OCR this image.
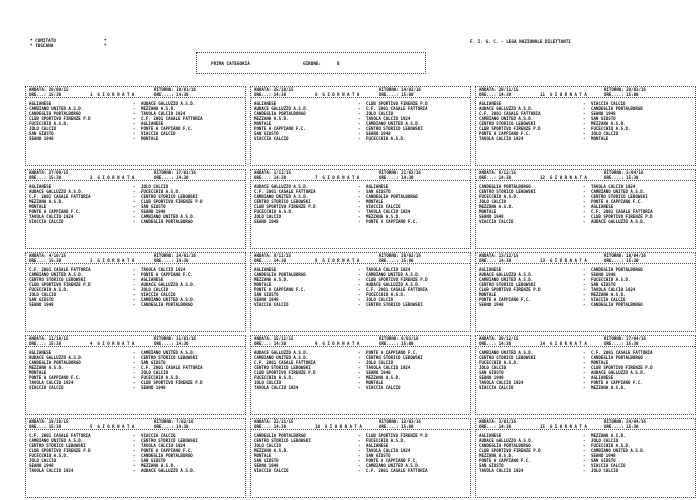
* COMITATO
* TOSCANA
*
*
F. I. G. C. - LEGA NAZIONALE DILETTANTI
PRIMA CATEGORIA	GIRONE:	B
ANDATA: 20/09/15	RITORNO: 10/01/16
ORE...: 15:30	1  G I O R N A T A	ORE....: 14:30
AGLIANESE	-	AUDACE GALLUZZO A.S.D.
CAMBIANO UNITED A.S.D.	-	MEZZANA A.S.D.
CANDEGLIA PORTALBORGO	-	TAVOLA CALCIO 1924
CLUB SPORTIVO FIRENZE P.D	-	C.F. 2001 CASALE FATTORIA
FUCECCHIO A.S.D.	-	AGLIANESE
JOLO CALCIO	-	PONTE A CAPPIANO F.C.
SAN GIUSTO	-	VIACCIA CALCIO
SEANO 1948	-	MONTALE
ANDATA: 25/10/15	RITORNO: 14/02/16
ORE...: 14:30	6  G I O R N A T A	ORE....: 15:00
AGLIANESE	-	CLUB SPORTIVO FIRENZE P.D
AUDACE GALLUZZO A.S.D.	-	C.F. 2001 CASALE FATTORIA
CANDEGLIA PORTALBORGO	-	JOLO CALCIO
MEZZANA A.S.D.	-	TAVOLA CALCIO 1924
MONTALE	-	CAMBIANO UNITED A.S.D.
PONTE A CAPPIANO F.C.	-	CENTRO STORICO LEBOWSKI
SAN GIUSTO	-	SEANO 1948
VIACCIA CALCIO	-	FUCECCHIO A.S.D.
ANDATA: 29/11/15	RITORNO: 20/03/16
ORE...: 14:30	11  G I O R N A T A	ORE....: 15:00
AGLIANESE	-	VIACCIA CALCIO
AUDACE GALLUZZO A.S.D.	-	CANDEGLIA PORTALBORGO
C.F. 2001 CASALE FATTORIA	-	SEANO 1948
CAMBIANO UNITED A.S.D.	-	SAN GIUSTO
CENTRO STORICO LEBOWSKI	-	MEZZANA A.S.D.
CLUB SPORTIVO FIRENZE P.D	-	FUCECCHIO A.S.D.
PONTE A CAPPIANO F.C.	-	JOLO CALCIO
TAVOLA CALCIO 1924	-	MONTALE
ANDATA: 27/09/15	RITORNO: 17/01/16
ORE...: 15:30	2  G I O R N A T A	ORE....: 14:30
AGLIANESE	-	JOLO CALCIO
AUDACE GALLUZZO A.S.D.	-	FUCECCHIO A.S.D.
C.F. 2001 CASALE FATTORIA	-	CENTRO STORICO LEBOWSKI
MEZZANA A.S.D.	-	CLUB SPORTIVO FIRENZE P.D
MONTALE	-	SAN GIUSTO
PONTE A CAPPIANO F.C.	-	SEANO 1948
TAVOLA CALCIO 1924	-	CAMBIANO UNITED A.S.D.
VIACCIA CALCIO	-	CANDEGLIA PORTALBORGO
ANDATA: 1/11/15	RITORNO: 21/02/16
ORE...: 14:30	7  G I O R N A T A	ORE....: 14:30
AUDACE GALLUZZO A.S.D.	-	AGLIANESE
C.F. 2001 CASALE FATTORIA	-	SAN GIUSTO
CAMBIANO UNITED A.S.D.	-	CANDEGLIA PORTALBORGO
CENTRO STORICO LEBOWSKI	-	MONTALE
CLUB SPORTIVO FIRENZE P.D	-	VIACCIA CALCIO
FUCECCHIO A.S.D.	-	TAVOLA CALCIO 1924
JOLO CALCIO	-	MEZZANA A.S.D.
SEANO 1948	-	PONTE A CAPPIANO F.C.
ANDATA: 6/12/15	RITORNO: 3/04/16
ORE...: 14:30	12  G I O R N A T A	ORE....: 15:30
CANDEGLIA PORTALBORGO	-	TAVOLA CALCIO 1924
CENTRO STORICO LEBOWSKI	-	CAMBIANO UNITED A.S.D.
FUCECCHIO A.S.D.	-	CENTRO STORICO LEBOWSKI
JOLO CALCIO	-	PONTE A CAPPIANO F.C.
MEZZANA A.S.D.	-	AGLIANESE
MONTALE	-	C.F. 2001 CASALE FATTORIA
SEANO 1948	-	CLUB SPORTIVO FIRENZE P.D
VIACCIA CALCIO	-	AUDACE GALLUZZO A.S.D.
ANDATA: 4/10/15	RITORNO: 24/01/16
ORE...: 15:30	3  G I O R N A T A	ORE....: 14:30
C.F. 2001 CASALE FATTORIA	-	TAVOLA CALCIO 1924
CAMBIANO UNITED A.S.D.	-	PONTE A CAPPIANO F.C.
CENTRO STORICO LEBOWSKI	-	AGLIANESE
CLUB SPORTIVO FIRENZE P.D	-	AUDACE GALLUZZO A.S.D.
FUCECCHIO A.S.D.	-	JOLO CALCIO
JOLO CALCIO	-	VIACCIA CALCIO
SAN GIUSTO	-	CAMBIANO UNITED A.S.D.
SEANO 1948	-	CANDEGLIA PORTALBORGO
ANDATA: 8/11/15	RITORNO: 28/02/16
ORE...: 14:30	8  G I O R N A T A	ORE....: 15:00
AGLIANESE	-	TAVOLA CALCIO 1924
CANDEGLIA PORTALBORGO	-	CAMBIANO UNITED A.S.D.
MEZZANA A.S.D.	-	CLUB SPORTIVO FIRENZE P.D
MONTALE	-	AUDACE GALLUZZO A.S.D.
PONTE A CAPPIANO F.C.	-	C.F. 2001 CASALE FATTORIA
SAN GIUSTO	-	FUCECCHIO A.S.D.
SEANO 1948	-	JOLO CALCIO
VIACCIA CALCIO	-	CENTRO STORICO LEBOWSKI
ANDATA: 13/12/15	RITORNO: 10/04/16
ORE...: 14:30	13  G I O R N A T A	ORE....: 15:30
AGLIANESE	-	CANDEGLIA PORTALBORGO
AUDACE GALLUZZO A.S.D.	-	SEANO 1948
CAMBIANO UNITED A.S.D.	-	FUCECCHIO A.S.D.
CENTRO STORICO LEBOWSKI	-	SAN GIUSTO
CLUB SPORTIVO FIRENZE P.D	-	TAVOLA CALCIO 1924
MONTALE	-	MEZZANA A.S.D.
PONTE A CAPPIANO F.C.	-	VIACCIA CALCIO
SEANO 1948	-	CANDEGLIA PORTALBORGO
ANDATA: 11/10/15	RITORNO: 31/01/16
ORE...: 15:30	4  G I O R N A T A	ORE....: 14:30
AGLIANESE	-	CAMBIANO UNITED A.S.D.
AUDACE GALLUZZO A.S.D.	-	CENTRO STORICO LEBOWSKI
CANDEGLIA PORTALBORGO	-	SAN GIUSTO
MEZZANA A.S.D.	-	C.F. 2001 CASALE FATTORIA
MONTALE	-	JOLO CALCIO
PONTE A CAPPIANO F.C.	-	FUCECCHIO A.S.D.
TAVOLA CALCIO 1924	-	CLUB SPORTIVO FIRENZE P.D
VIACCIA CALCIO	-	SEANO 1948
ANDATA: 15/11/15	RITORNO: 6/03/16
ORE...: 14:30	9  G I O R N A T A	ORE....: 15:00
AUDACE GALLUZZO A.S.D.	-	PONTE A CAPPIANO F.C.
CAMBIANO UNITED A.S.D.	-	CENTRO STORICO LEBOWSKI
C.F. 2001 CASALE FATTORIA	-	JOLO CALCIO
CENTRO STORICO LEBOWSKI	-	TAVOLA CALCIO 1924
CLUB SPORTIVO FIRENZE P.D	-	SEANO 1948
FUCECCHIO A.S.D.	-	MEZZANA A.S.D.
JOLO CALCIO	-	MONTALE
TAVOLA CALCIO 1924	-	VIACCIA CALCIO
ANDATA: 20/12/15	RITORNO: 17/04/16
ORE...: 14:30	14  G I O R N A T A	ORE....: 15:30
CAMBIANO UNITED A.S.D.	-	C.F. 2001 CASALE FATTORIA
CENTRO STORICO LEBOWSKI	-	CANDEGLIA PORTALBORGO
FUCECCHIO A.S.D.	-	MONTALE
JOLO CALCIO	-	CLUB SPORTIVO FIRENZE P.D
SAN GIUSTO	-	AUDACE GALLUZZO A.S.D.
SEANO 1948	-	AGLIANESE
TAVOLA CALCIO 1924	-	PONTE A CAPPIANO F.C.
VIACCIA CALCIO	-	MEZZANA A.S.D.
ANDATA: 18/10/15	RITORNO: 7/02/16
ORE...: 15:30	5  G I O R N A T A	ORE....: 14:30
C.F. 2001 CASALE FATTORIA	-	VIACCIA CALCIO
CAMBIANO UNITED A.S.D.	-	CENTRO STORICO LEBOWSKI
CENTRO STORICO LEBOWSKI	-	TAVOLA CALCIO 1924
CLUB SPORTIVO FIRENZE P.D	-	PONTE A CAPPIANO F.C.
FUCECCHIO A.S.D.	-	CANDEGLIA PORTALBORGO
JOLO CALCIO	-	SAN GIUSTO
SEANO 1948	-	MEZZANA A.S.D.
TAVOLA CALCIO 1924	-	AUDACE GALLUZZO A.S.D.
ANDATA: 22/11/15	RITORNO: 13/03/16
ORE...: 14:30	10  G I O R N A T A	ORE....: 15:00
CANDEGLIA PORTALBORGO	-	CLUB SPORTIVO FIRENZE P.D
CENTRO STORICO LEBOWSKI	-	FUCECCHIO A.S.D.
JOLO CALCIO	-	AGLIANESE
MEZZANA A.S.D.	-	TAVOLA CALCIO 1924
MONTALE	-	SAN GIUSTO
SAN GIUSTO	-	PONTE A CAPPIANO F.C.
SEANO 1948	-	CAMBIANO UNITED A.S.D.
VIACCIA CALCIO	-	C.F. 2001 CASALE FATTORIA
ANDATA: 3/01/16	RITORNO: 24/04/16
ORE...: 14:30	15  G I O R N A T A	ORE....: 15:30
AGLIANESE	-	MEZZANA A.S.D.
AUDACE GALLUZZO A.S.D.	-	JOLO CALCIO
CANDEGLIA PORTALBORGO	-	FUCECCHIO A.S.D.
CLUB SPORTIVO FIRENZE P.D	-	CAMBIANO UNITED A.S.D.
MEZZANA A.S.D.	-	SEANO 1948
PONTE A CAPPIANO F.C.	-	SAN GIUSTO
SAN GIUSTO	-	VIACCIA CALCIO
TAVOLA CALCIO 1924	-	JOLO CALCIO
